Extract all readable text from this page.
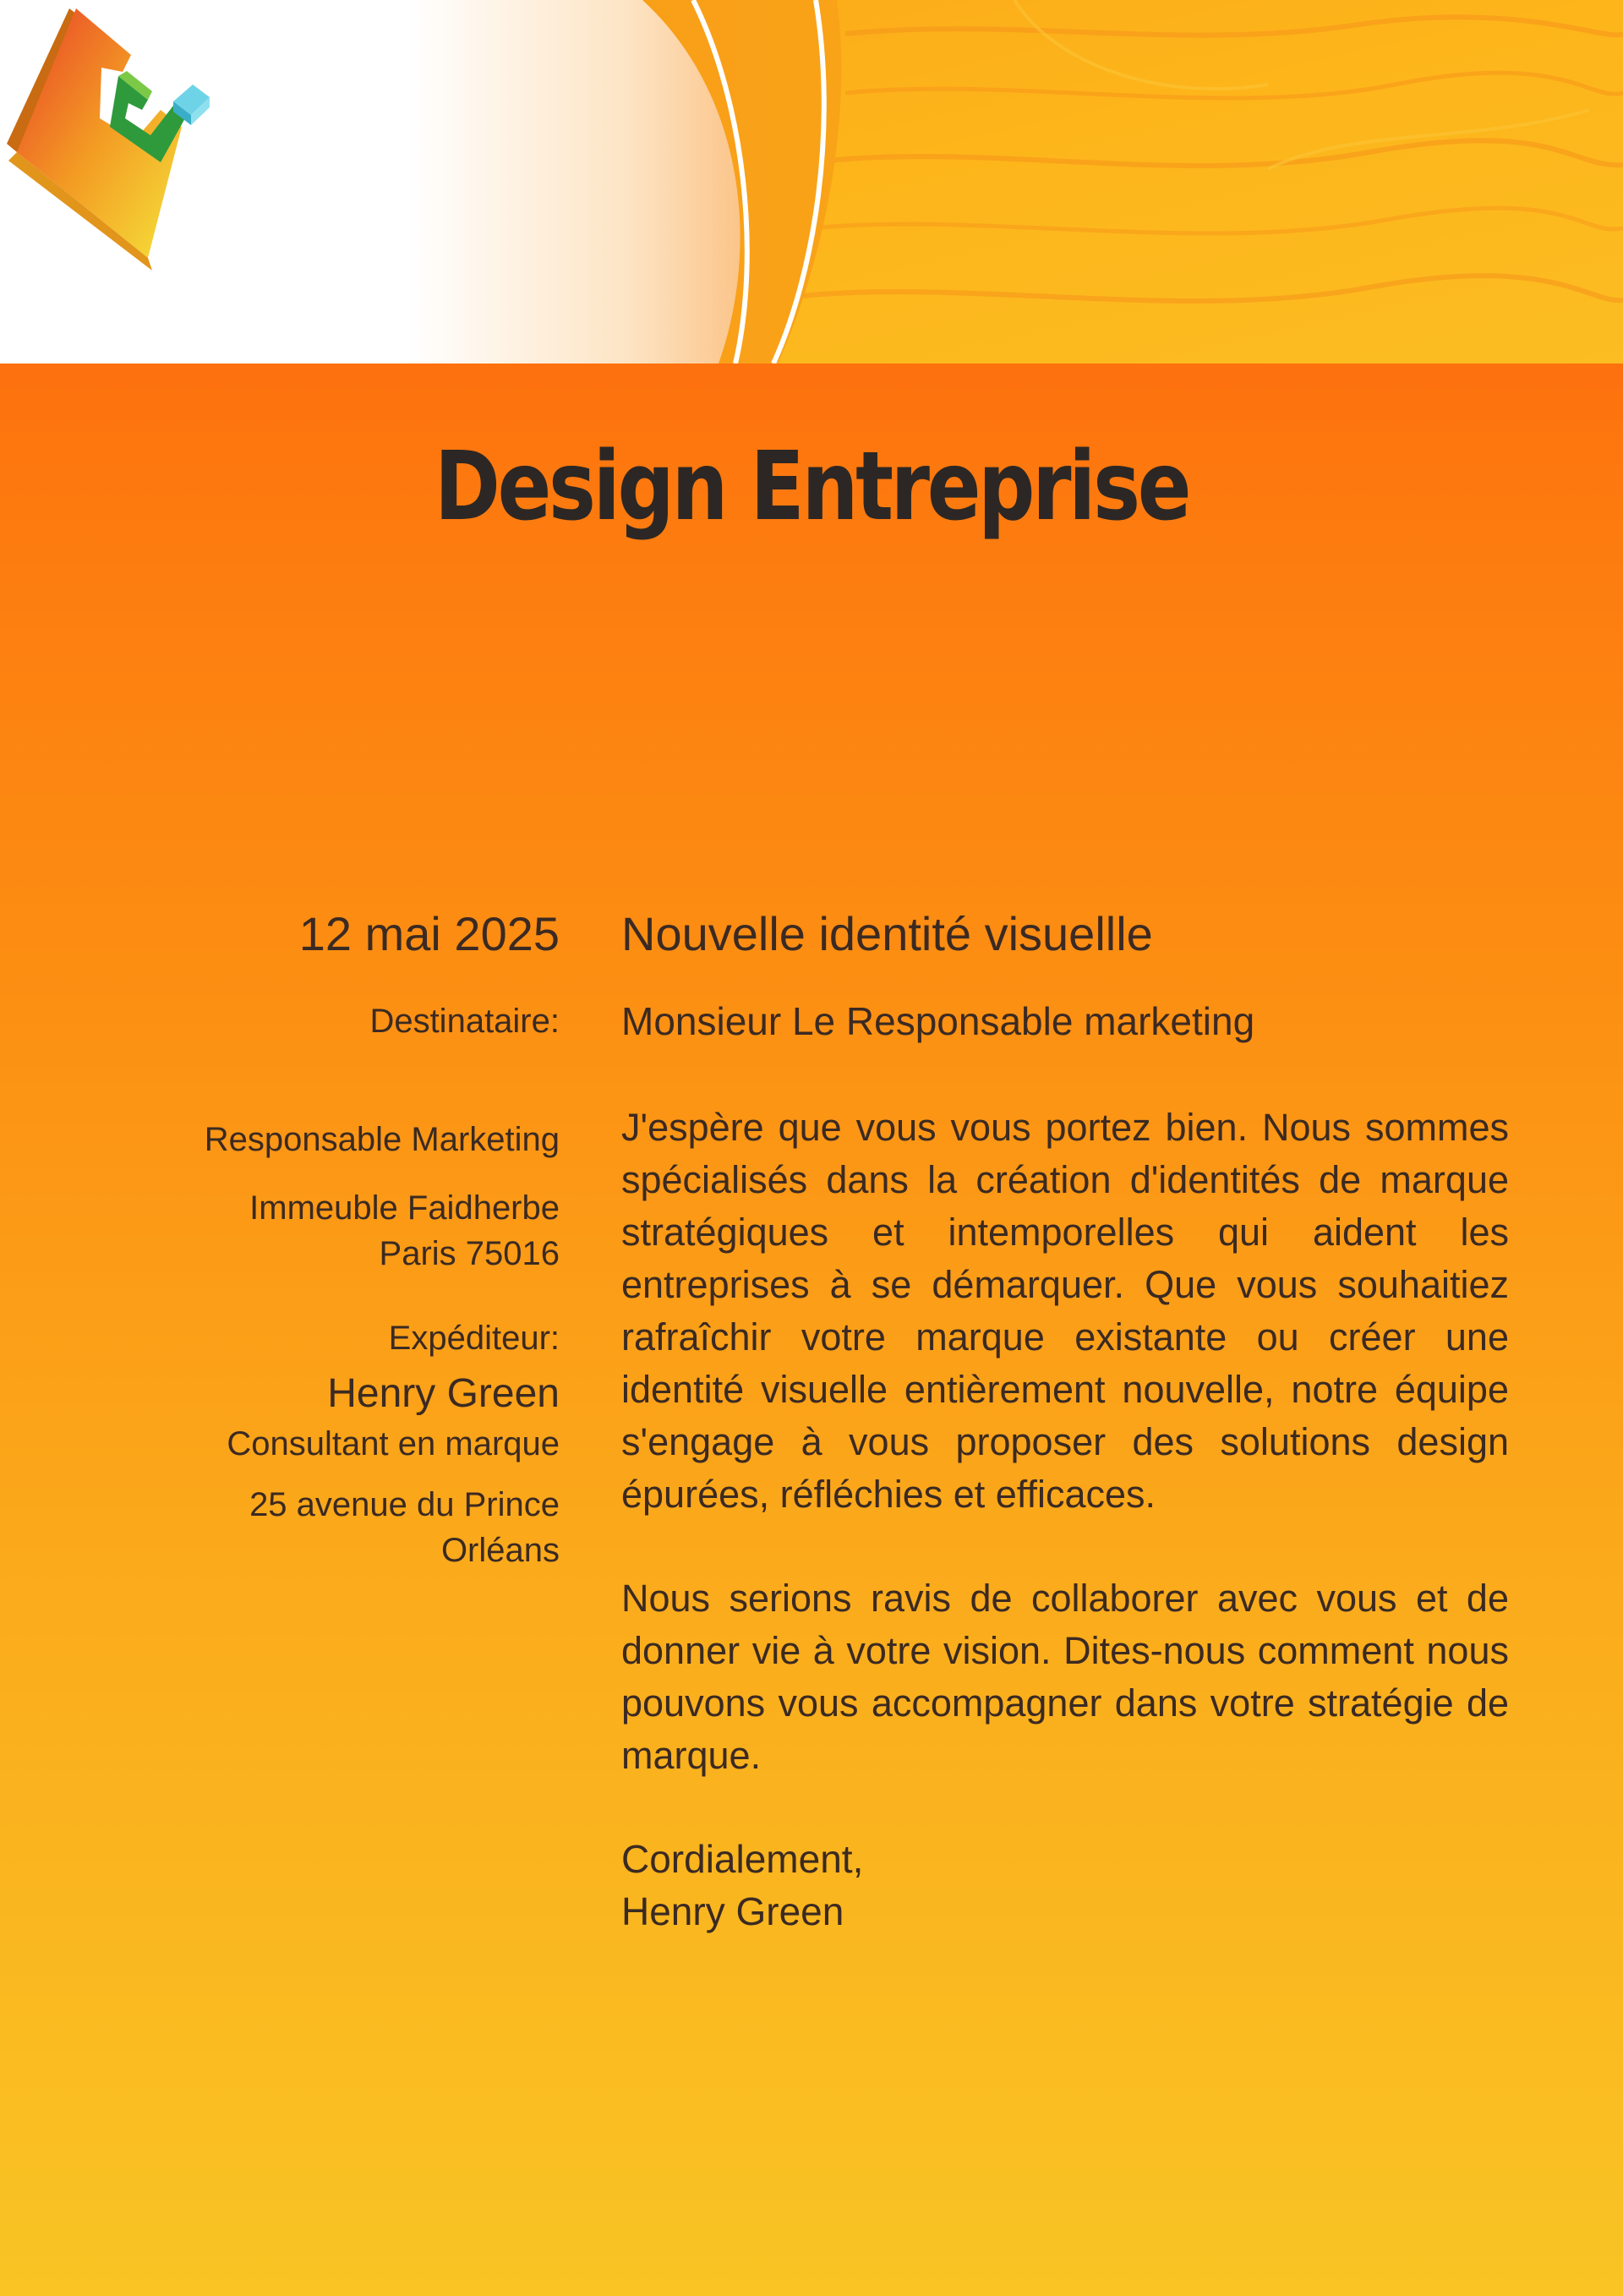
Design Entreprise
12 mai 2025
Destinataire:
Responsable Marketing
Immeuble Faidherbe
Paris 75016
Expéditeur:
Henry Green
Consultant en marque
25 avenue du Prince
Orléans
Nouvelle identité visuellle
Monsieur Le Responsable marketing
J'espère que vous vous portez bien. Nous sommes spécialisés dans la création d'identités de marque stratégiques et intemporelles qui aident les entreprises à se démarquer. Que vous souhaitiez rafraîchir votre marque existante ou créer une identité visuelle entièrement nouvelle, notre équipe s'engage à vous proposer des solutions design épurées, réfléchies et efficaces.
Nous serions ravis de collaborer avec vous et de donner vie à votre vision. Dites-nous comment nous pouvons vous accompagner dans votre stratégie de marque.
Cordialement,
Henry Green
